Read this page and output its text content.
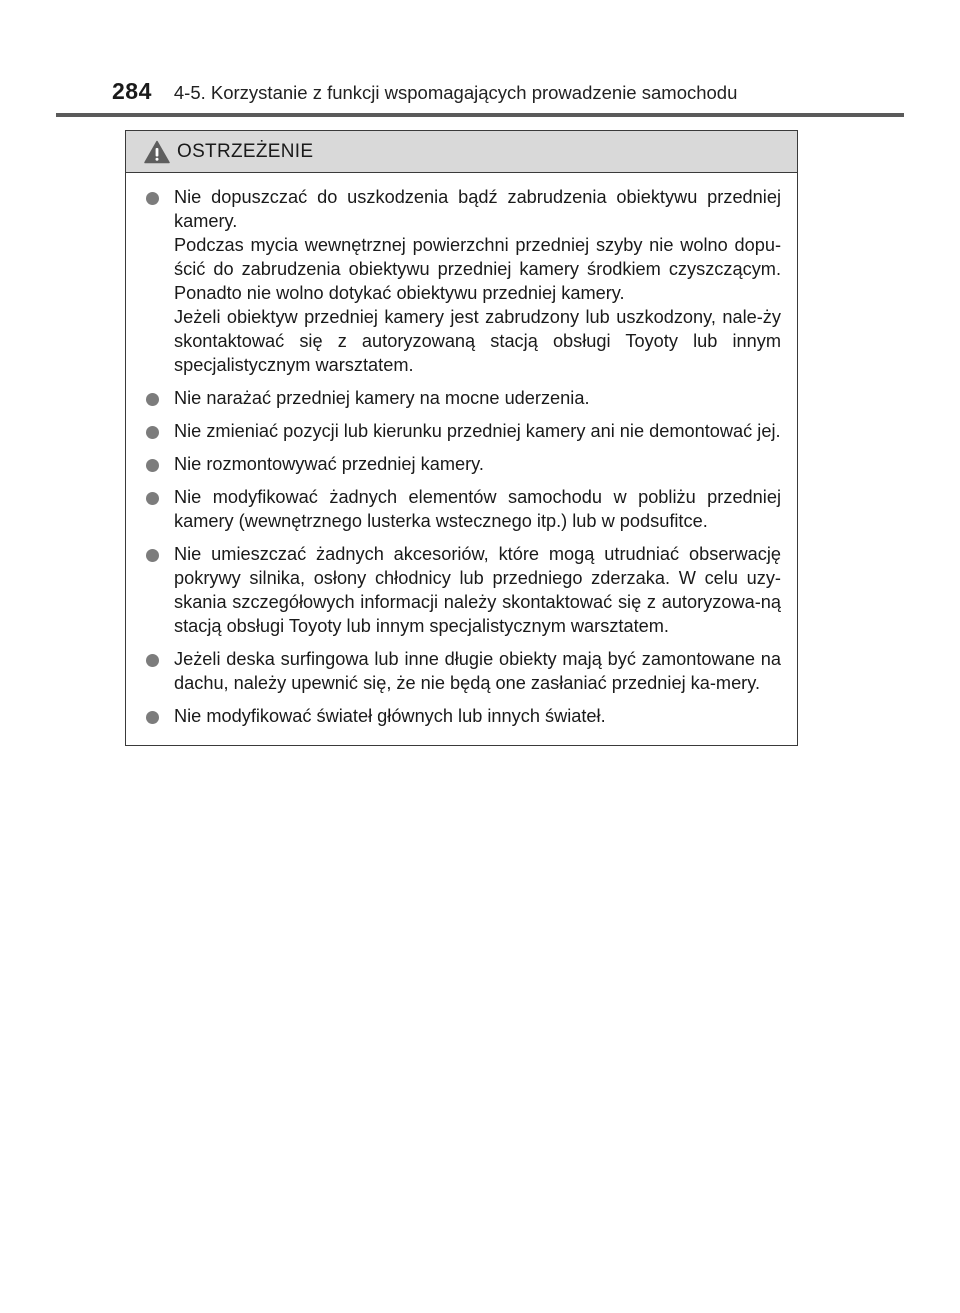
284 4-5. Korzystanie z funkcji wspomagających prowadzenie samochodu
OSTRZEŻENIE

Nie dopuszczać do uszkodzenia bądź zabrudzenia obiektywu przedniej kamery.

Podczas mycia wewnętrznej powierzchni przedniej szyby nie wolno dopu-ścić do zabrudzenia obiektywu przedniej kamery środkiem czyszczącym. Ponadto nie wolno dotykać obiektywu przedniej kamery.

Jeżeli obiektyw przedniej kamery jest zabrudzony lub uszkodzony, nale-ży skontaktować się z autoryzowaną stacją obsługi Toyoty lub innym specjalistycznym warsztatem.

Nie narażać przedniej kamery na mocne uderzenia.

Nie zmieniać pozycji lub kierunku przedniej kamery ani nie demontować jej.

Nie rozmontowywać przedniej kamery.

Nie modyfikować żadnych elementów samochodu w pobliżu przedniej kamery (wewnętrznego lusterka wstecznego itp.) lub w podsufitce.

Nie umieszczać żadnych akcesoriów, które mogą utrudniać obserwację pokrywy silnika, osłony chłodnicy lub przedniego zderzaka. W celu uzy-skania szczegółowych informacji należy skontaktować się z autoryzowa-ną stacją obsługi Toyoty lub innym specjalistycznym warsztatem.

Jeżeli deska surfingowa lub inne długie obiekty mają być zamontowane na dachu, należy upewnić się, że nie będą one zasłaniać przedniej ka-mery.

Nie modyfikować świateł głównych lub innych świateł.
